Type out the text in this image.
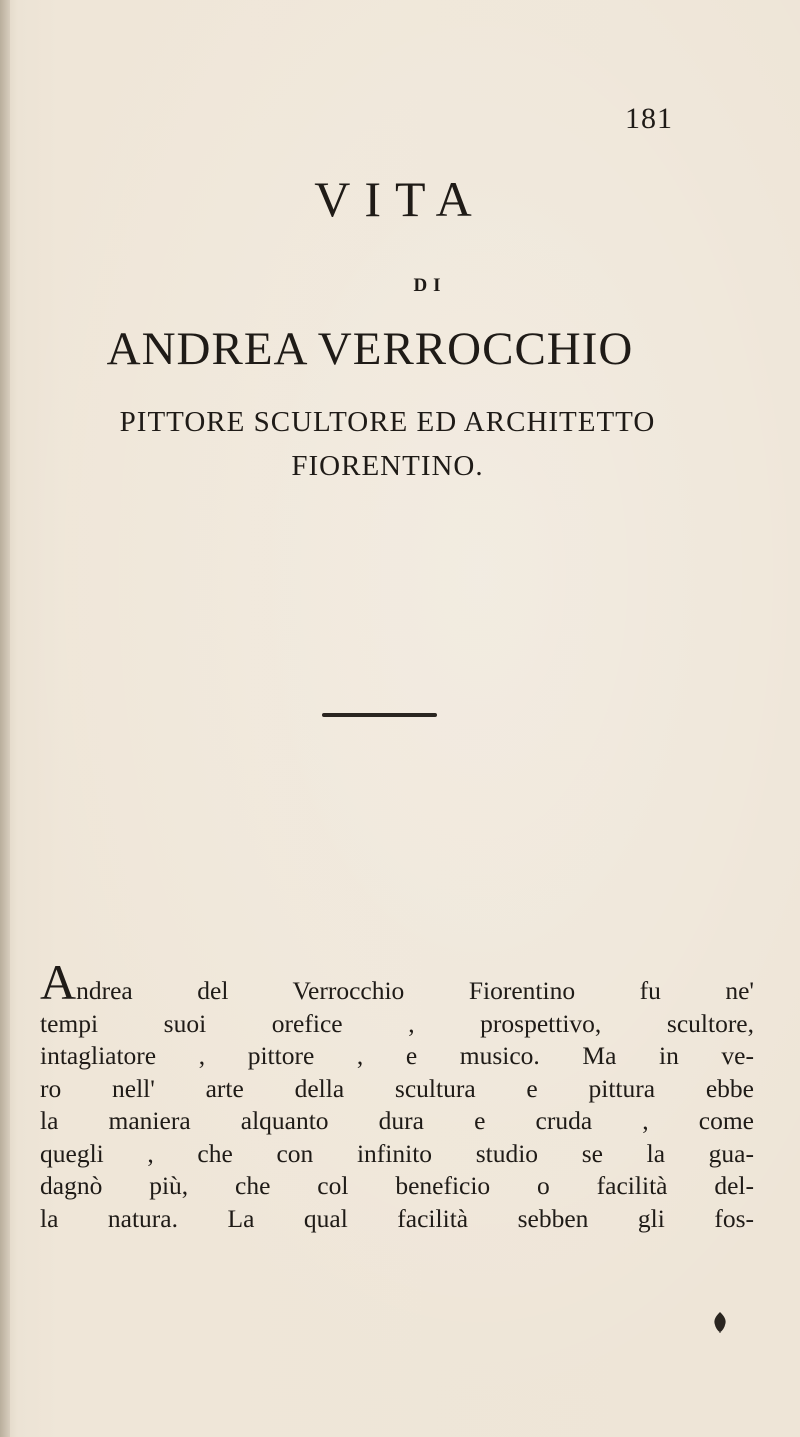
181
VITA
DI
ANDREA VERROCCHIO
PITTORE SCULTORE ED ARCHITETTO
FIORENTINO.
Andrea del Verrocchio Fiorentino fu ne'
tempi suoi orefice , prospettivo, scultore,
intagliatore , pittore , e musico. Ma in ve-
ro nell' arte della scultura e pittura ebbe
la maniera alquanto dura e cruda , come
quegli , che con infinito studio se la gua-
dagnò più, che col beneficio o facilità del-
la natura. La qual facilità sebben gli fos-
